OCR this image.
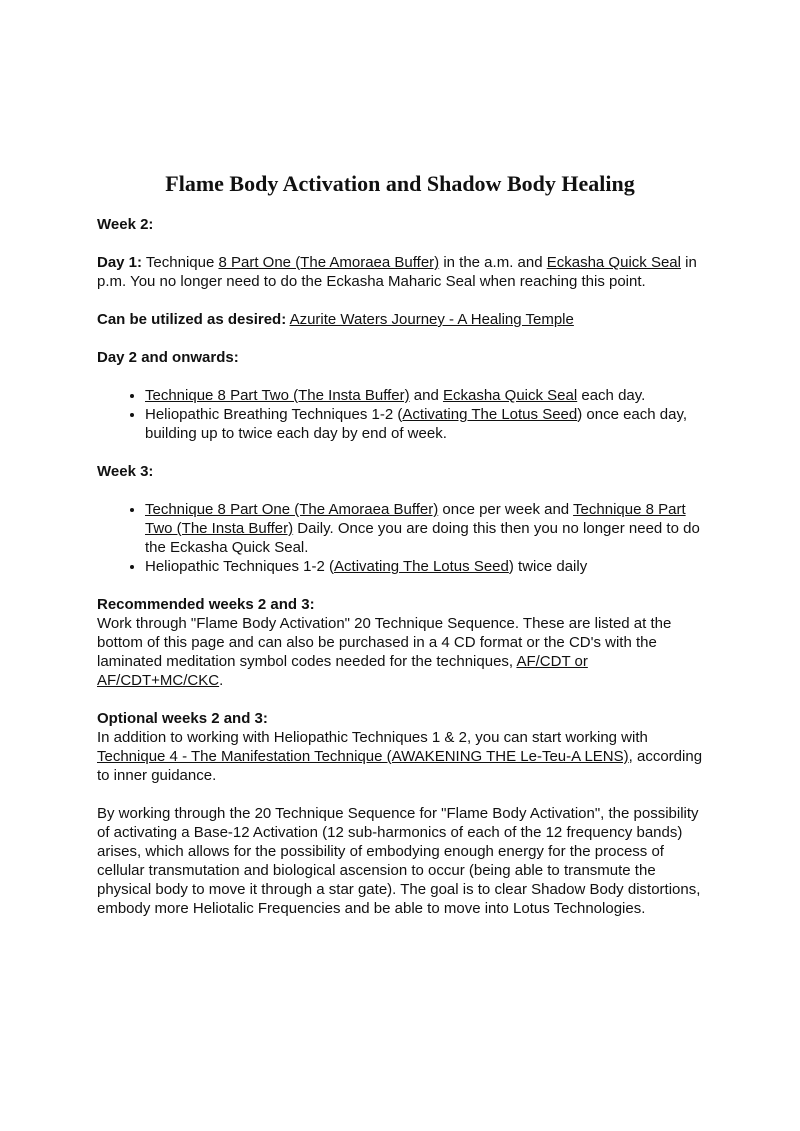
Flame Body Activation and Shadow Body Healing

Week 2:

Day 1: Technique 8 Part One (The Amoraea Buffer) in the a.m. and Eckasha Quick Seal in p.m. You no longer need to do the Eckasha Maharic Seal when reaching this point.

Can be utilized as desired: Azurite Waters Journey - A Healing Temple

Day 2 and onwards:

• Technique 8 Part Two (The Insta Buffer) and Eckasha Quick Seal each day.
• Heliopathic Breathing Techniques 1-2 (Activating The Lotus Seed) once each day, building up to twice each day by end of week.

Week 3:

• Technique 8 Part One (The Amoraea Buffer) once per week and Technique 8 Part Two (The Insta Buffer) Daily. Once you are doing this then you no longer need to do the Eckasha Quick Seal.
• Heliopathic Techniques 1-2 (Activating The Lotus Seed) twice daily

Recommended weeks 2 and 3:

Work through "Flame Body Activation" 20 Technique Sequence. These are listed at the bottom of this page and can also be purchased in a 4 CD format or the CD's with the laminated meditation symbol codes needed for the techniques, AF/CDT or AF/CDT+MC/CKC.

Optional weeks 2 and 3:

In addition to working with Heliopathic Techniques 1 & 2, you can start working with Technique 4 - The Manifestation Technique (AWAKENING THE Le-Teu-A LENS), according to inner guidance.

By working through the 20 Technique Sequence for "Flame Body Activation", the possibility of activating a Base-12 Activation (12 sub-harmonics of each of the 12 frequency bands) arises, which allows for the possibility of embodying enough energy for the process of cellular transmutation and biological ascension to occur (being able to transmute the physical body to move it through a star gate). The goal is to clear Shadow Body distortions, embody more Heliotalic Frequencies and be able to move into Lotus Technologies.
